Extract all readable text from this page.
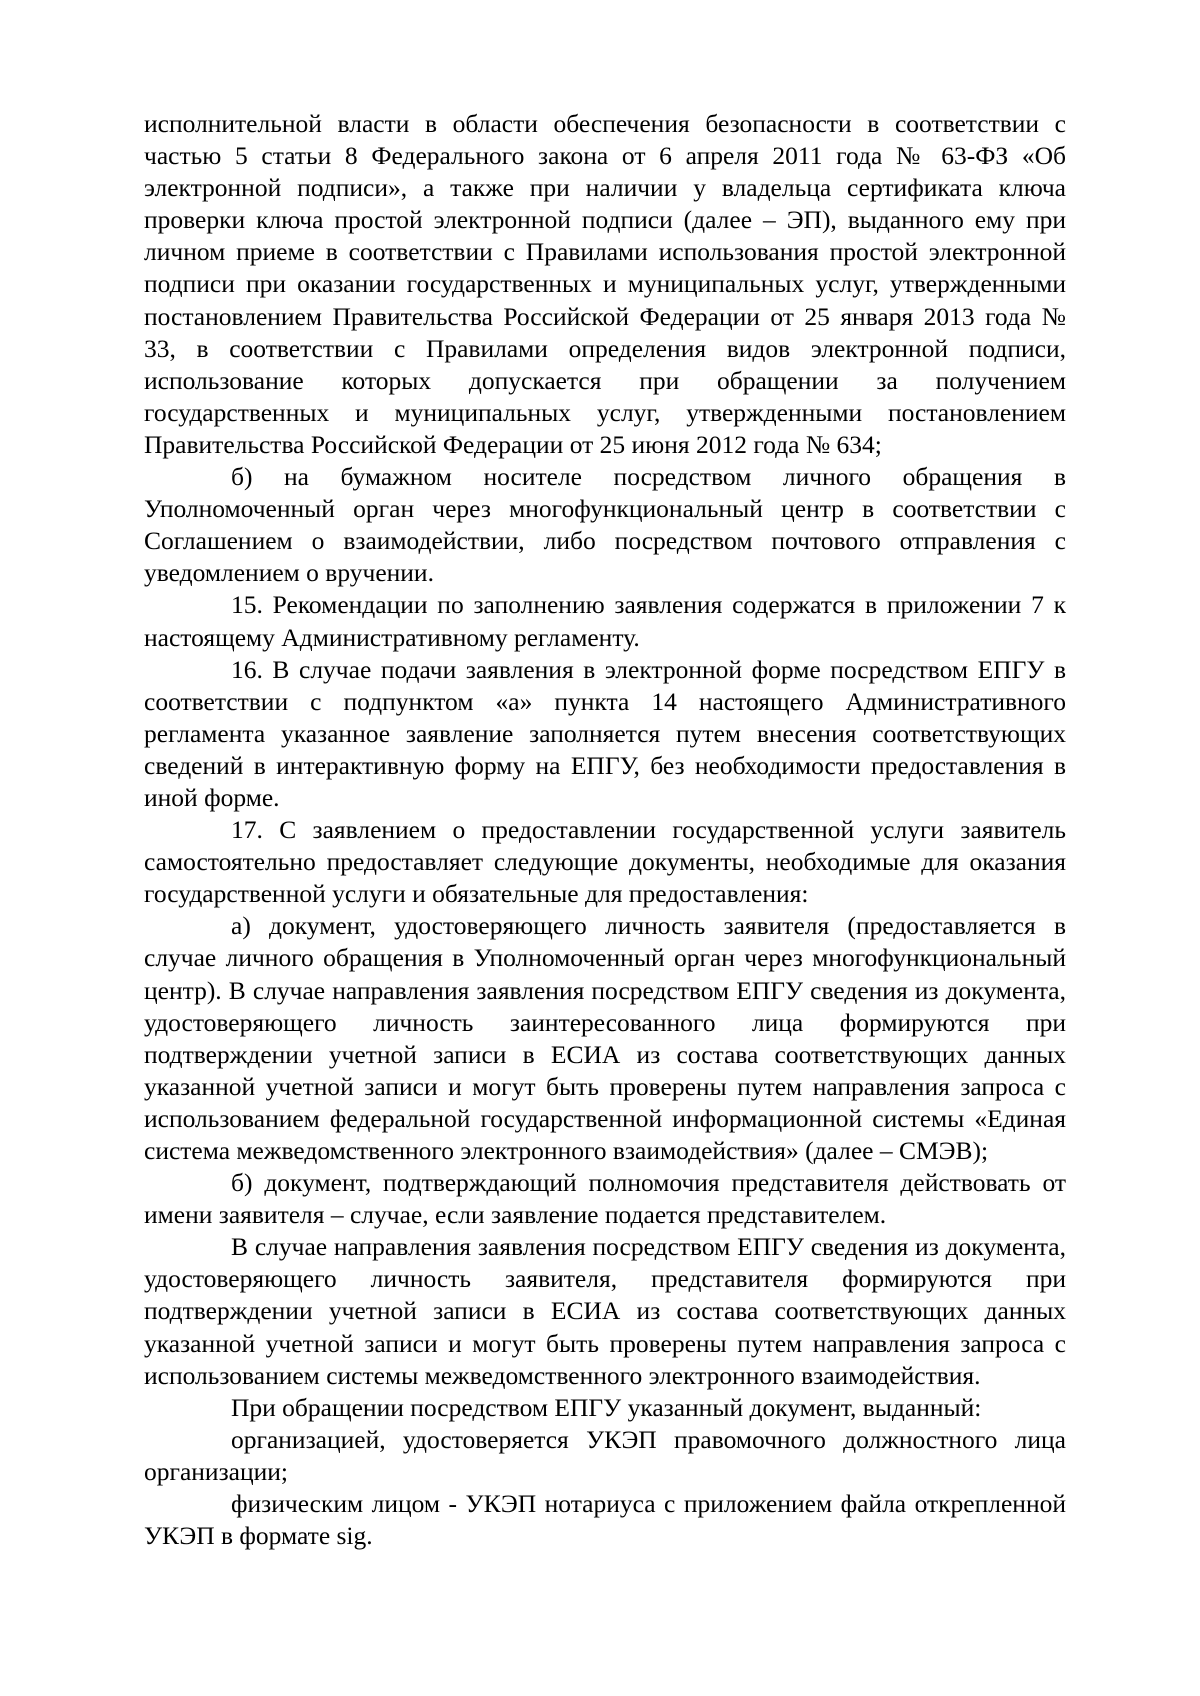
исполнительной власти в области обеспечения безопасности в соответствии с частью 5 статьи 8 Федерального закона от 6 апреля 2011 года № 63-ФЗ «Об электронной подписи», а также при наличии у владельца сертификата ключа проверки ключа простой электронной подписи (далее – ЭП), выданного ему при личном приеме в соответствии с Правилами использования простой электронной подписи при оказании государственных и муниципальных услуг, утвержденными постановлением Правительства Российской Федерации от 25 января 2013 года № 33, в соответствии с Правилами определения видов электронной подписи, использование которых допускается при обращении за получением государственных и муниципальных услуг, утвержденными постановлением Правительства Российской Федерации от 25 июня 2012 года № 634;

б) на бумажном носителе посредством личного обращения в Уполномоченный орган через многофункциональный центр в соответствии с Соглашением о взаимодействии, либо посредством почтового отправления с уведомлением о вручении.

15. Рекомендации по заполнению заявления содержатся в приложении 7 к настоящему Административному регламенту.

16. В случае подачи заявления в электронной форме посредством ЕПГУ в соответствии с подпунктом «а» пункта 14 настоящего Административного регламента указанное заявление заполняется путем внесения соответствующих сведений в интерактивную форму на ЕПГУ, без необходимости предоставления в иной форме.

17. С заявлением о предоставлении государственной услуги заявитель самостоятельно предоставляет следующие документы, необходимые для оказания государственной услуги и обязательные для предоставления:

а) документ, удостоверяющего личность заявителя (предоставляется в случае личного обращения в Уполномоченный орган через многофункциональный центр). В случае направления заявления посредством ЕПГУ сведения из документа, удостоверяющего личность заинтересованного лица формируются при подтверждении учетной записи в ЕСИА из состава соответствующих данных указанной учетной записи и могут быть проверены путем направления запроса с использованием федеральной государственной информационной системы «Единая система межведомственного электронного взаимодействия» (далее – СМЭВ);

б) документ, подтверждающий полномочия представителя действовать от имени заявителя – случае, если заявление подается представителем.

В случае направления заявления посредством ЕПГУ сведения из документа, удостоверяющего личность заявителя, представителя формируются при подтверждении учетной записи в ЕСИА из состава соответствующих данных указанной учетной записи и могут быть проверены путем направления запроса с использованием системы межведомственного электронного взаимодействия.

При обращении посредством ЕПГУ указанный документ, выданный:

организацией, удостоверяется УКЭП правомочного должностного лица организации;

физическим лицом - УКЭП нотариуса с приложением файла открепленной УКЭП в формате sig.
